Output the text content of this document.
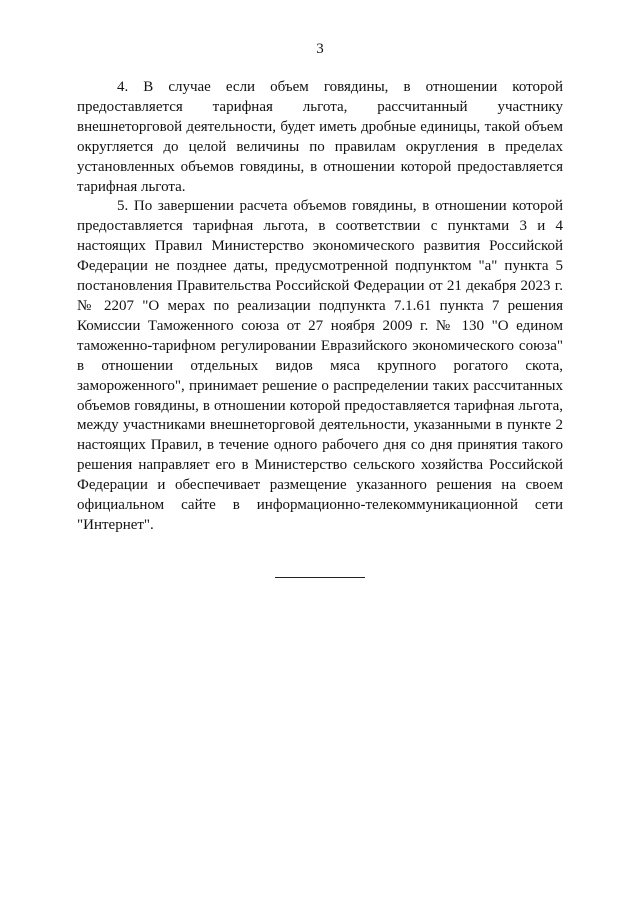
3

4. В случае если объем говядины, в отношении которой предоставляется тарифная льгота, рассчитанный участнику внешнеторговой деятельности, будет иметь дробные единицы, такой объем округляется до целой величины по правилам округления в пределах установленных объемов говядины, в отношении которой предоставляется тарифная льгота.

5. По завершении расчета объемов говядины, в отношении которой предоставляется тарифная льгота, в соответствии с пунктами 3 и 4 настоящих Правил Министерство экономического развития Российской Федерации не позднее даты, предусмотренной подпунктом "а" пункта 5 постановления Правительства Российской Федерации от 21 декабря 2023 г. № 2207 "О мерах по реализации подпункта 7.1.61 пункта 7 решения Комиссии Таможенного союза от 27 ноября 2009 г. № 130 "О едином таможенно-тарифном регулировании Евразийского экономического союза" в отношении отдельных видов мяса крупного рогатого скота, замороженного", принимает решение о распределении таких рассчитанных объемов говядины, в отношении которой предоставляется тарифная льгота, между участниками внешнеторговой деятельности, указанными в пункте 2 настоящих Правил, в течение одного рабочего дня со дня принятия такого решения направляет его в Министерство сельского хозяйства Российской Федерации и обеспечивает размещение указанного решения на своем официальном сайте в информационно-телекоммуникационной сети "Интернет".
